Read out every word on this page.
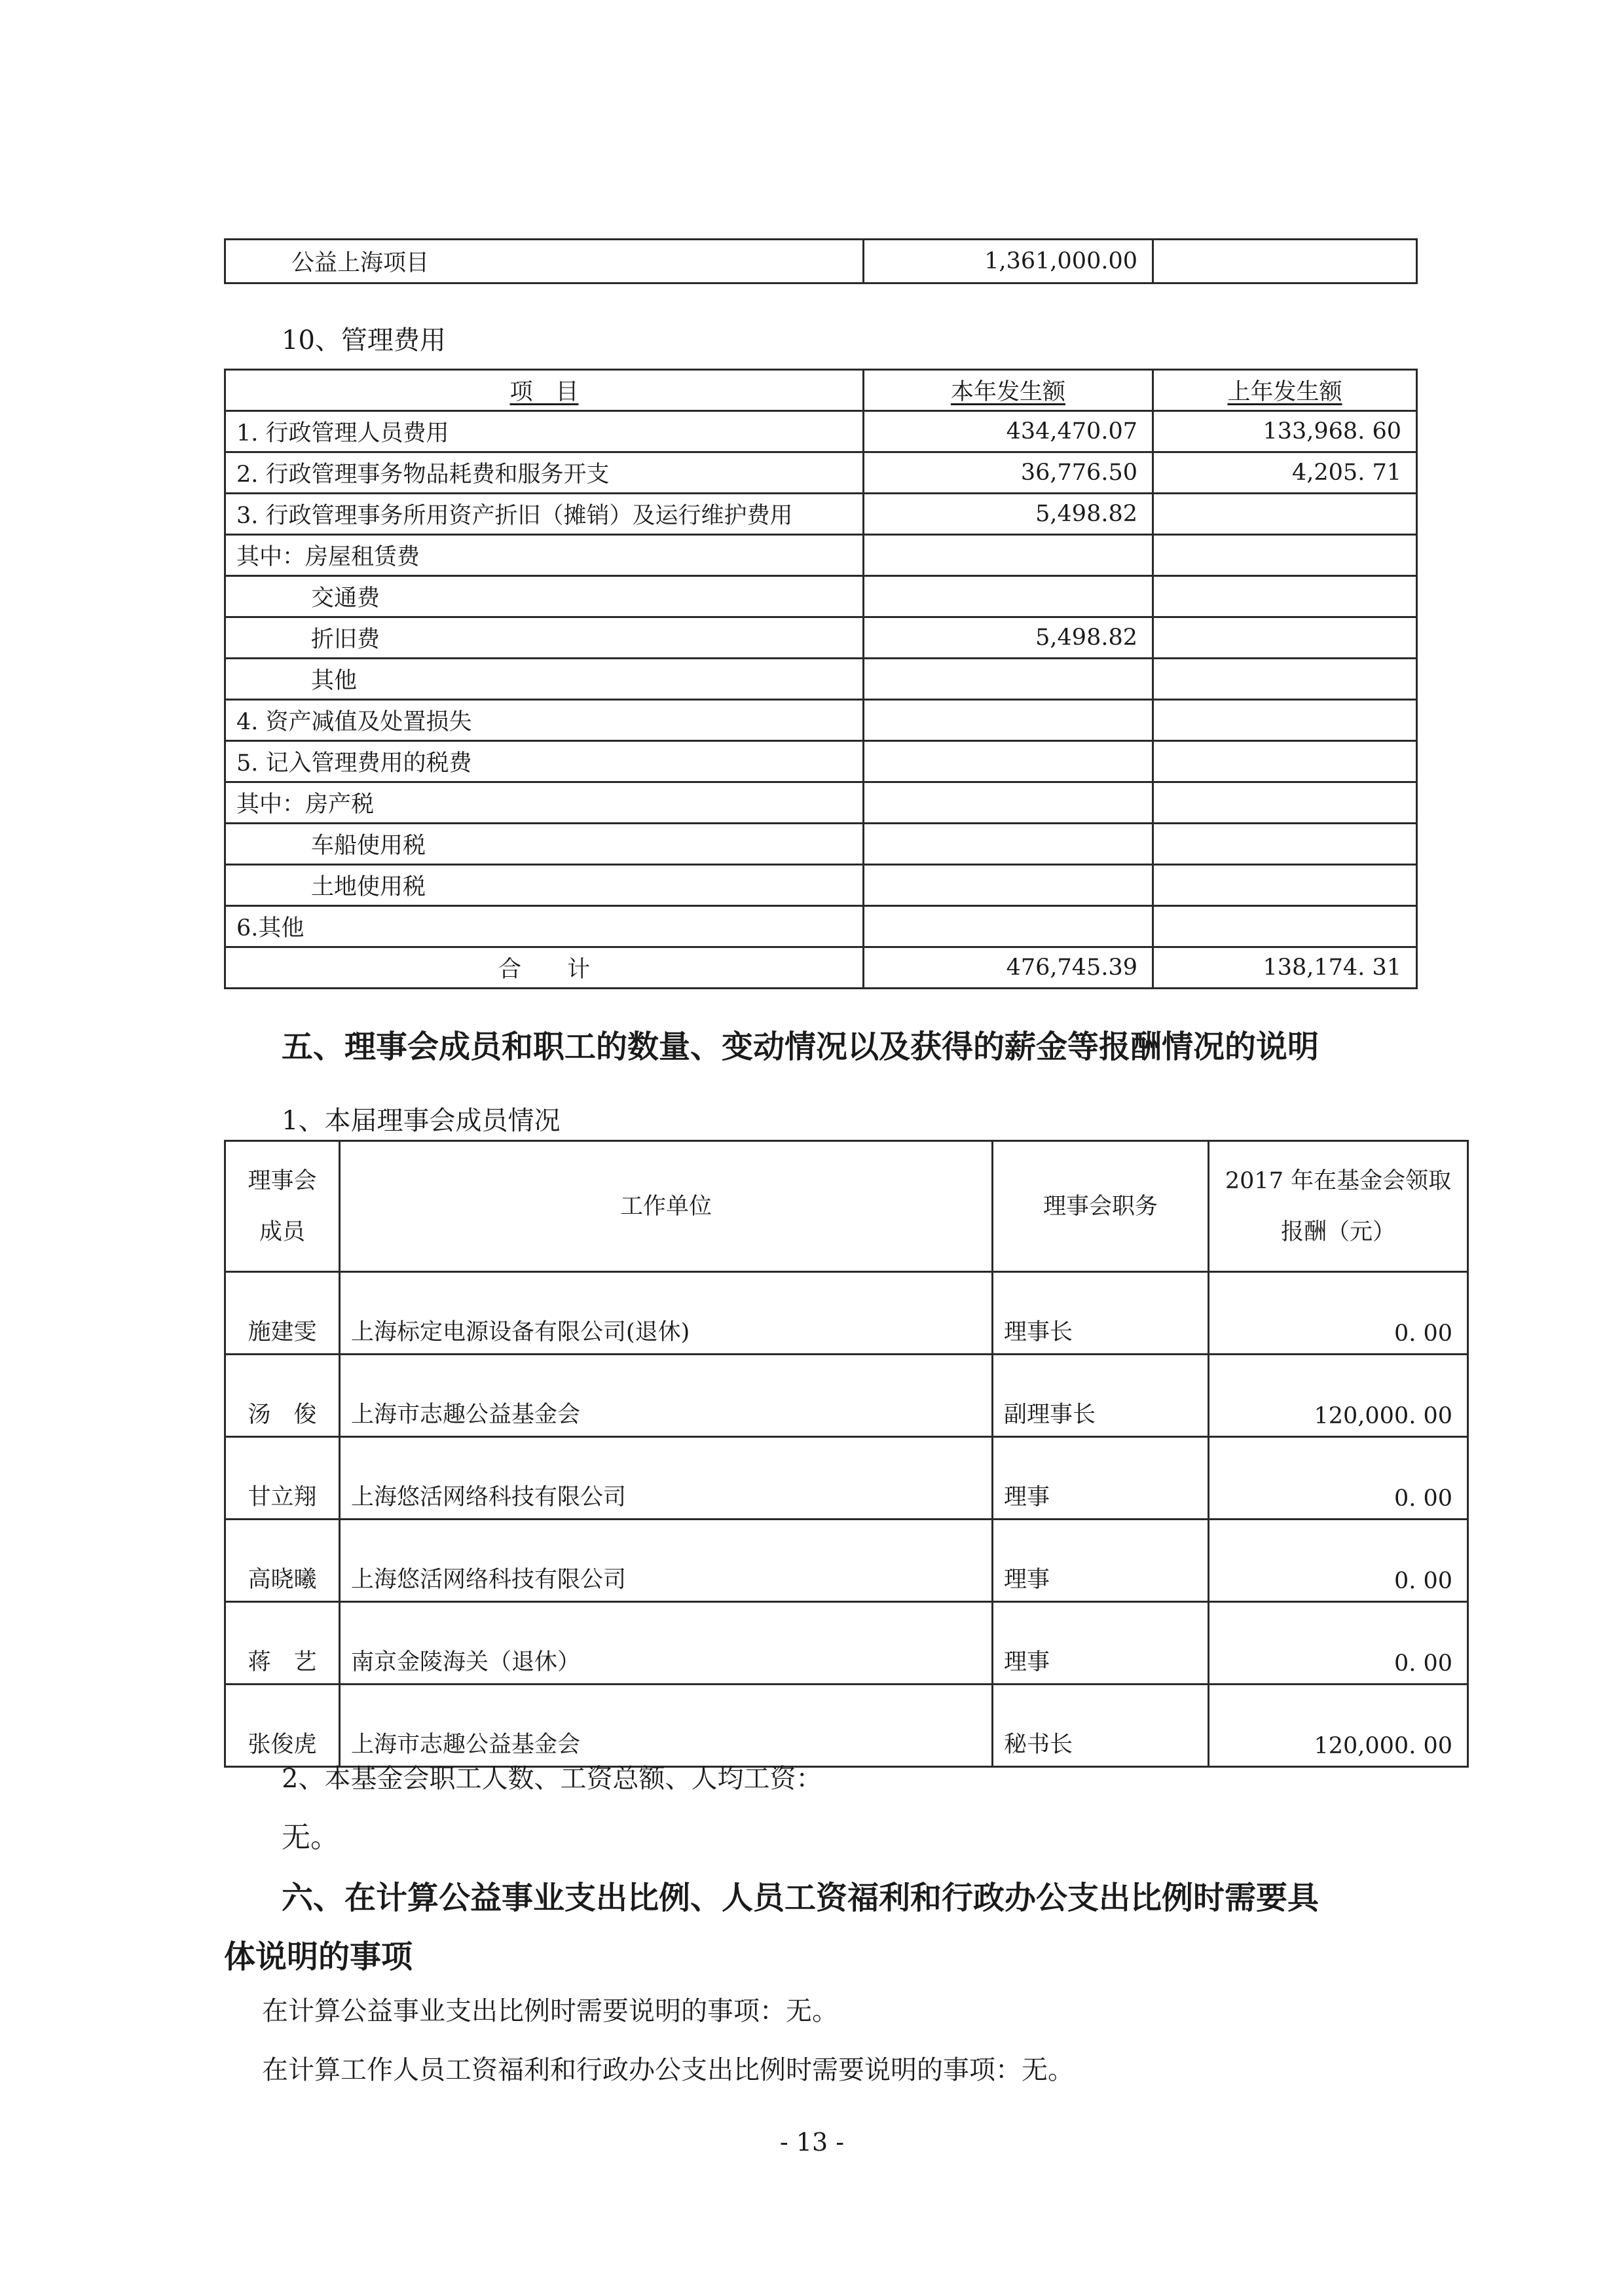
公益上海项目	1,361,000.00	
10、管理费用
项　目	本年发生额	上年发生额
1. 行政管理人员费用	434,470.07	133,968. 60
2. 行政管理事务物品耗费和服务开支	36,776.50	4,205. 71
3. 行政管理事务所用资产折旧（摊销）及运行维护费用	5,498.82	
其中：房屋租赁费		
交通费		
折旧费	5,498.82	
其他		
4. 资产减值及处置损失		
5. 记入管理费用的税费		
其中：房产税		
车船使用税		
土地使用税		
6.其他		
合　　计	476,745.39	138,174. 31
五、理事会成员和职工的数量、变动情况以及获得的薪金等报酬情况的说明
1、本届理事会成员情况
理事会
成员	工作单位	理事会职务	2017 年在基金会领取
报酬（元）
施建雯	上海标定电源设备有限公司(退休)	理事长	0. 00
汤　俊	上海市志趣公益基金会	副理事长	120,000. 00
甘立翔	上海悠活网络科技有限公司	理事	0. 00
高晓曦	上海悠活网络科技有限公司	理事	0. 00
蒋　艺	南京金陵海关（退休）	理事	0. 00
张俊虎	上海市志趣公益基金会	秘书长	120,000. 00
2、本基金会职工人数、工资总额、人均工资：
无。
六、在计算公益事业支出比例、人员工资福利和行政办公支出比例时需要具
体说明的事项
在计算公益事业支出比例时需要说明的事项：无。
在计算工作人员工资福利和行政办公支出比例时需要说明的事项：无。
- 13 -
